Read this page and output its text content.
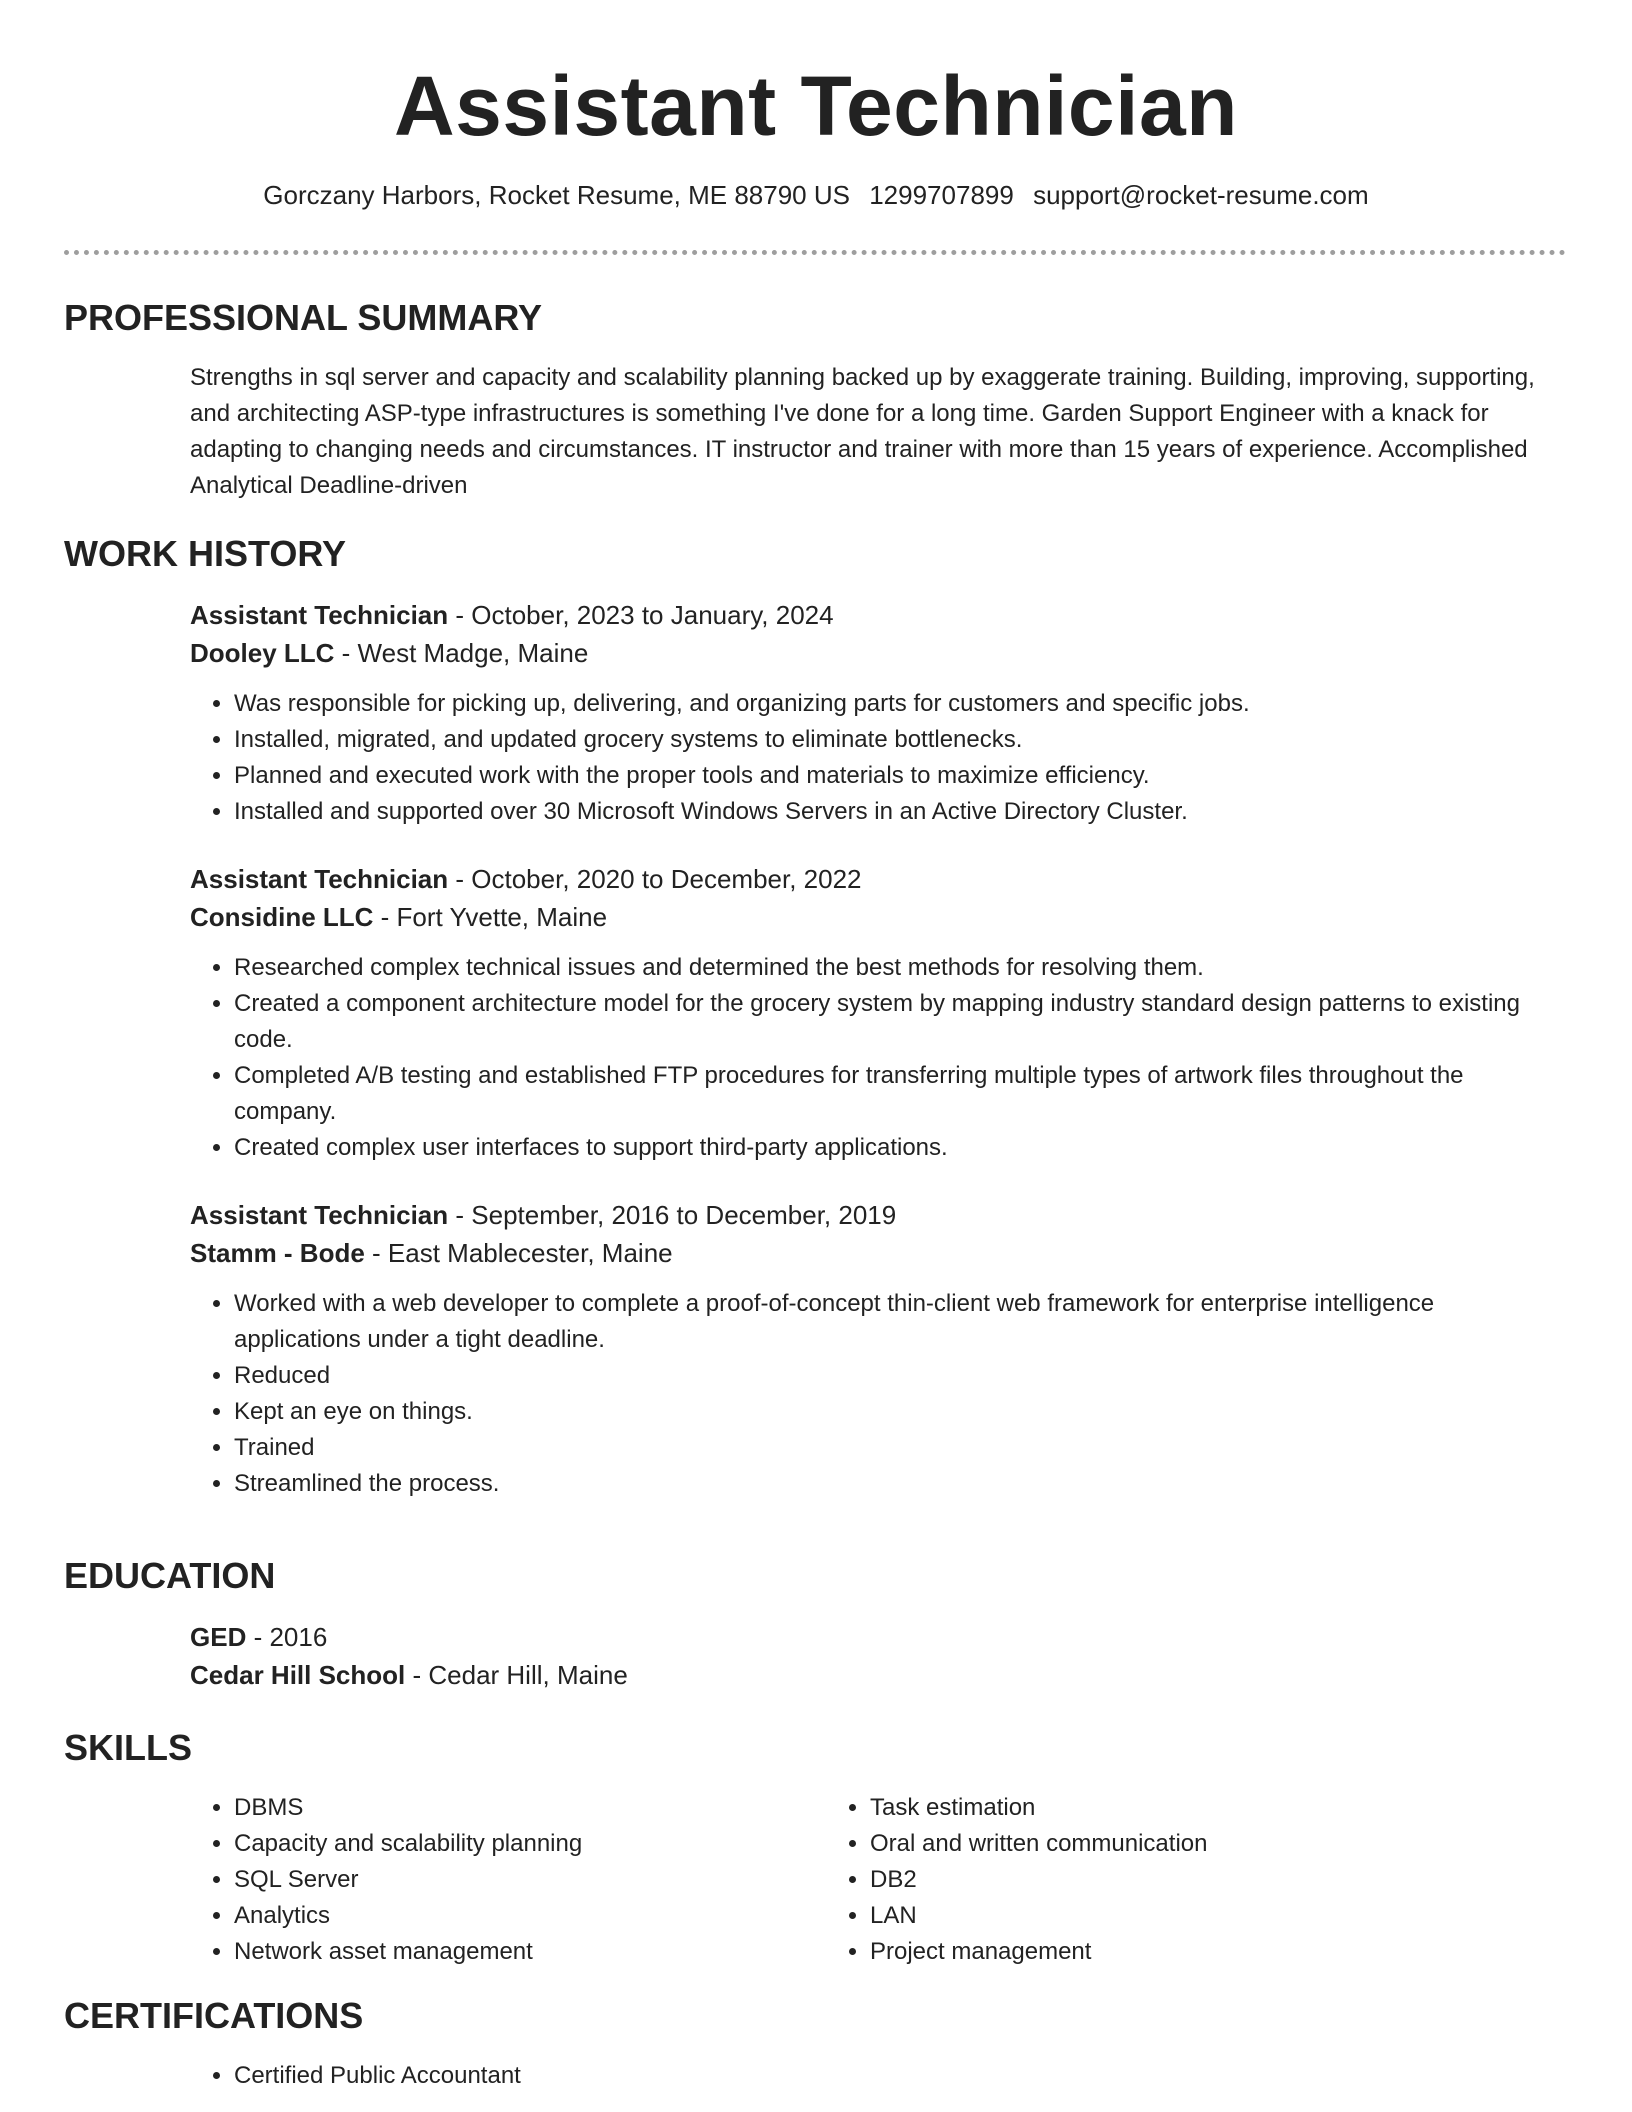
Assistant Technician
Gorczany Harbors, Rocket Resume, ME 88790 US 1299707899 support@rocket-resume.com
PROFESSIONAL SUMMARY
Strengths in sql server and capacity and scalability planning backed up by exaggerate training. Building, improving, supporting, and architecting ASP-type infrastructures is something I've done for a long time. Garden Support Engineer with a knack for adapting to changing needs and circumstances. IT instructor and trainer with more than 15 years of experience. Accomplished Analytical Deadline-driven
WORK HISTORY
Assistant Technician - October, 2023 to January, 2024
Dooley LLC - West Madge, Maine
• Was responsible for picking up, delivering, and organizing parts for customers and specific jobs.
• Installed, migrated, and updated grocery systems to eliminate bottlenecks.
• Planned and executed work with the proper tools and materials to maximize efficiency.
• Installed and supported over 30 Microsoft Windows Servers in an Active Directory Cluster.
Assistant Technician - October, 2020 to December, 2022
Considine LLC - Fort Yvette, Maine
• Researched complex technical issues and determined the best methods for resolving them.
• Created a component architecture model for the grocery system by mapping industry standard design patterns to existing code.
• Completed A/B testing and established FTP procedures for transferring multiple types of artwork files throughout the company.
• Created complex user interfaces to support third-party applications.
Assistant Technician - September, 2016 to December, 2019
Stamm - Bode - East Mablecester, Maine
• Worked with a web developer to complete a proof-of-concept thin-client web framework for enterprise intelligence applications under a tight deadline.
• Reduced
• Kept an eye on things.
• Trained
• Streamlined the process.
EDUCATION
GED - 2016
Cedar Hill School - Cedar Hill, Maine
SKILLS
• DBMS
• Capacity and scalability planning
• SQL Server
• Analytics
• Network asset management
• Task estimation
• Oral and written communication
• DB2
• LAN
• Project management
CERTIFICATIONS
• Certified Public Accountant
